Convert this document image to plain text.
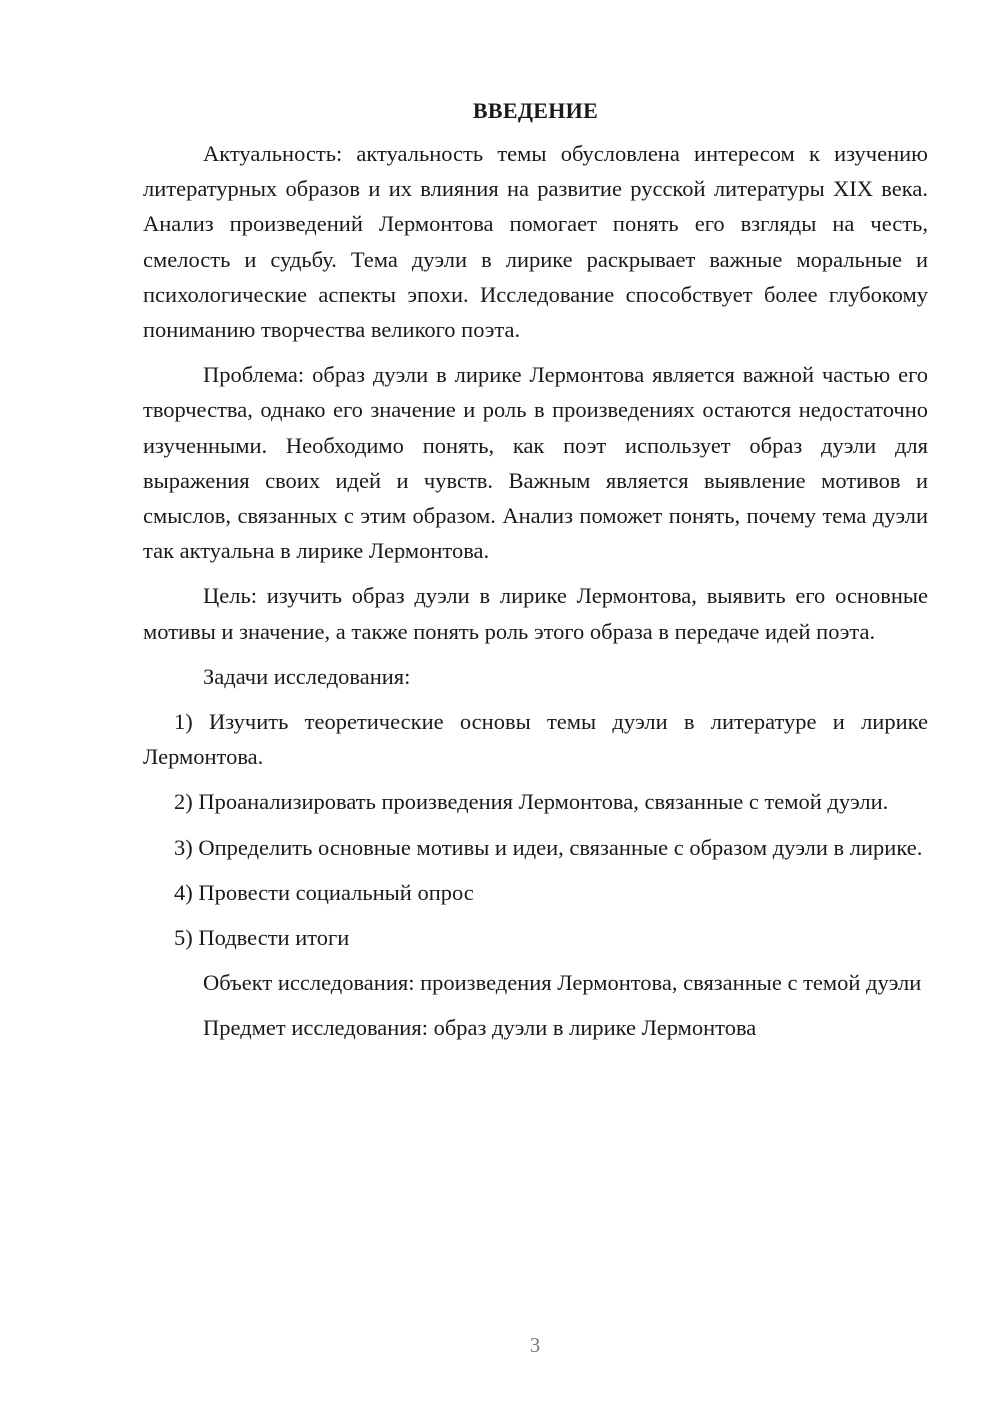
ВВЕДЕНИЕ
Актуальность: актуальность темы обусловлена интересом к изучению литературных образов и их влияния на развитие русской литературы XIX века. Анализ произведений Лермонтова помогает понять его взгляды на честь, смелость и судьбу. Тема дуэли в лирике раскрывает важные моральные и психологические аспекты эпохи. Исследование способствует более глубокому пониманию творчества великого поэта.
Проблема: образ дуэли в лирике Лермонтова является важной частью его творчества, однако его значение и роль в произведениях остаются недостаточно изученными. Необходимо понять, как поэт использует образ дуэли для выражения своих идей и чувств. Важным является выявление мотивов и смыслов, связанных с этим образом. Анализ поможет понять, почему тема дуэли так актуальна в лирике Лермонтова.
Цель: изучить образ дуэли в лирике Лермонтова, выявить его основные мотивы и значение, а также понять роль этого образа в передаче идей поэта.
Задачи исследования:
1) Изучить теоретические основы темы дуэли в литературе и лирике Лермонтова.
2) Проанализировать произведения Лермонтова, связанные с темой дуэли.
3) Определить основные мотивы и идеи, связанные с образом дуэли в лирике.
4) Провести социальный опрос
5) Подвести итоги
Объект исследования: произведения Лермонтова, связанные с темой дуэли
Предмет исследования: образ дуэли в лирике Лермонтова
3
